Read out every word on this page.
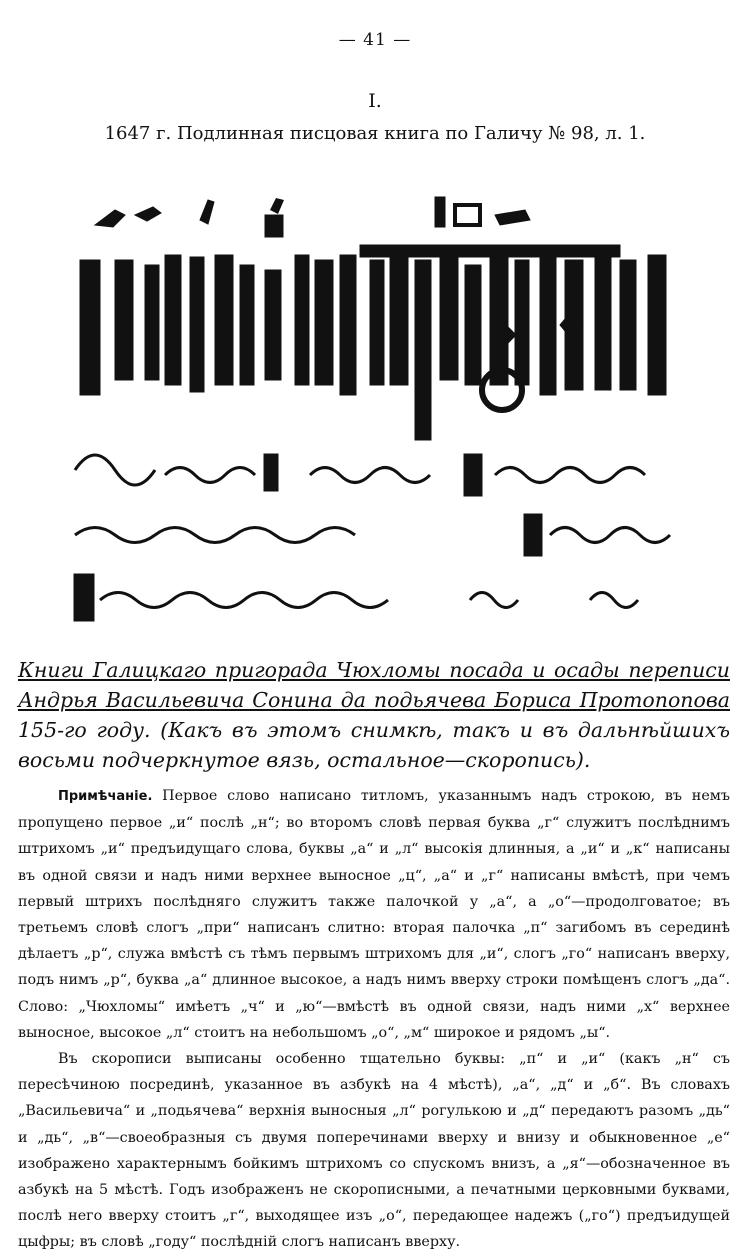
— 41 —
I.
1647 г. Подлинная писцовая книга по Галичу № 98, л. 1.

Книги Галицкаго пригорада Чюхломы посада и осады переписи Андрья Васильевича Сонина да подьячева Бориса Протопопова 155-го году. (Какъ въ этомъ снимкѣ, такъ и въ дальнѣйшихъ восьми подчеркнутое вязь, остальное—скоропись).

Примѣчаніе. Первое слово написано титломъ, указаннымъ надъ строкою, въ немъ пропущено первое „и“ послѣ „н“; во второмъ словѣ первая буква „г“ служитъ послѣднимъ штрихомъ „и“ предъидущаго слова, буквы „а“ и „л“ высокія длинныя, а „и“ и „к“ написаны въ одной связи и надъ ними верхнее выносное „ц“, „а“ и „г“ написаны вмѣстѣ, при чемъ первый штрихъ послѣдняго служитъ также палочкой у „а“, а „о“—продолговатое; въ третьемъ словѣ слогъ „при“ написанъ слитно: вторая палочка „п“ загибомъ въ серединѣ дѣлаетъ „р“, служа вмѣстѣ съ тѣмъ первымъ штрихомъ для „и“, слогъ „го“ написанъ вверху, подъ нимъ „р“, буква „а“ длинное высокое, а надъ нимъ вверху строки помѣщенъ слогъ „да“. Слово: „Чюхломы“ имѣетъ „ч“ и „ю“—вмѣстѣ въ одной связи, надъ ними „х“ верхнее выносное, высокое „л“ стоитъ на небольшомъ „о“, „м“ широкое и рядомъ „ы“.

Въ скорописи выписаны особенно тщательно буквы: „п“ и „и“ (какъ „н“ съ пересѣчиною посрединѣ, указанное въ азбукѣ на 4 мѣстѣ), „а“, „д“ и „б“. Въ словахъ „Васильевича“ и „подьячева“ верхнія выносныя „л“ рогулькою и „д“ передаютъ разомъ „дь“ и „дь“, „в“—своеобразныя съ двумя поперечинами вверху и внизу и обыкновенное „е“ изображено характернымъ бойкимъ штрихомъ со спускомъ внизъ, а „я“—обозначенное въ азбукѣ на 5 мѣстѣ. Годъ изображенъ не скорописными, а печатными церковными буквами, послѣ него вверху стоитъ „г“, выходящее изъ „о“, передающее надежъ („го“) предъидущей цыфры; въ словѣ „году“ послѣдній слогъ написанъ вверху.
